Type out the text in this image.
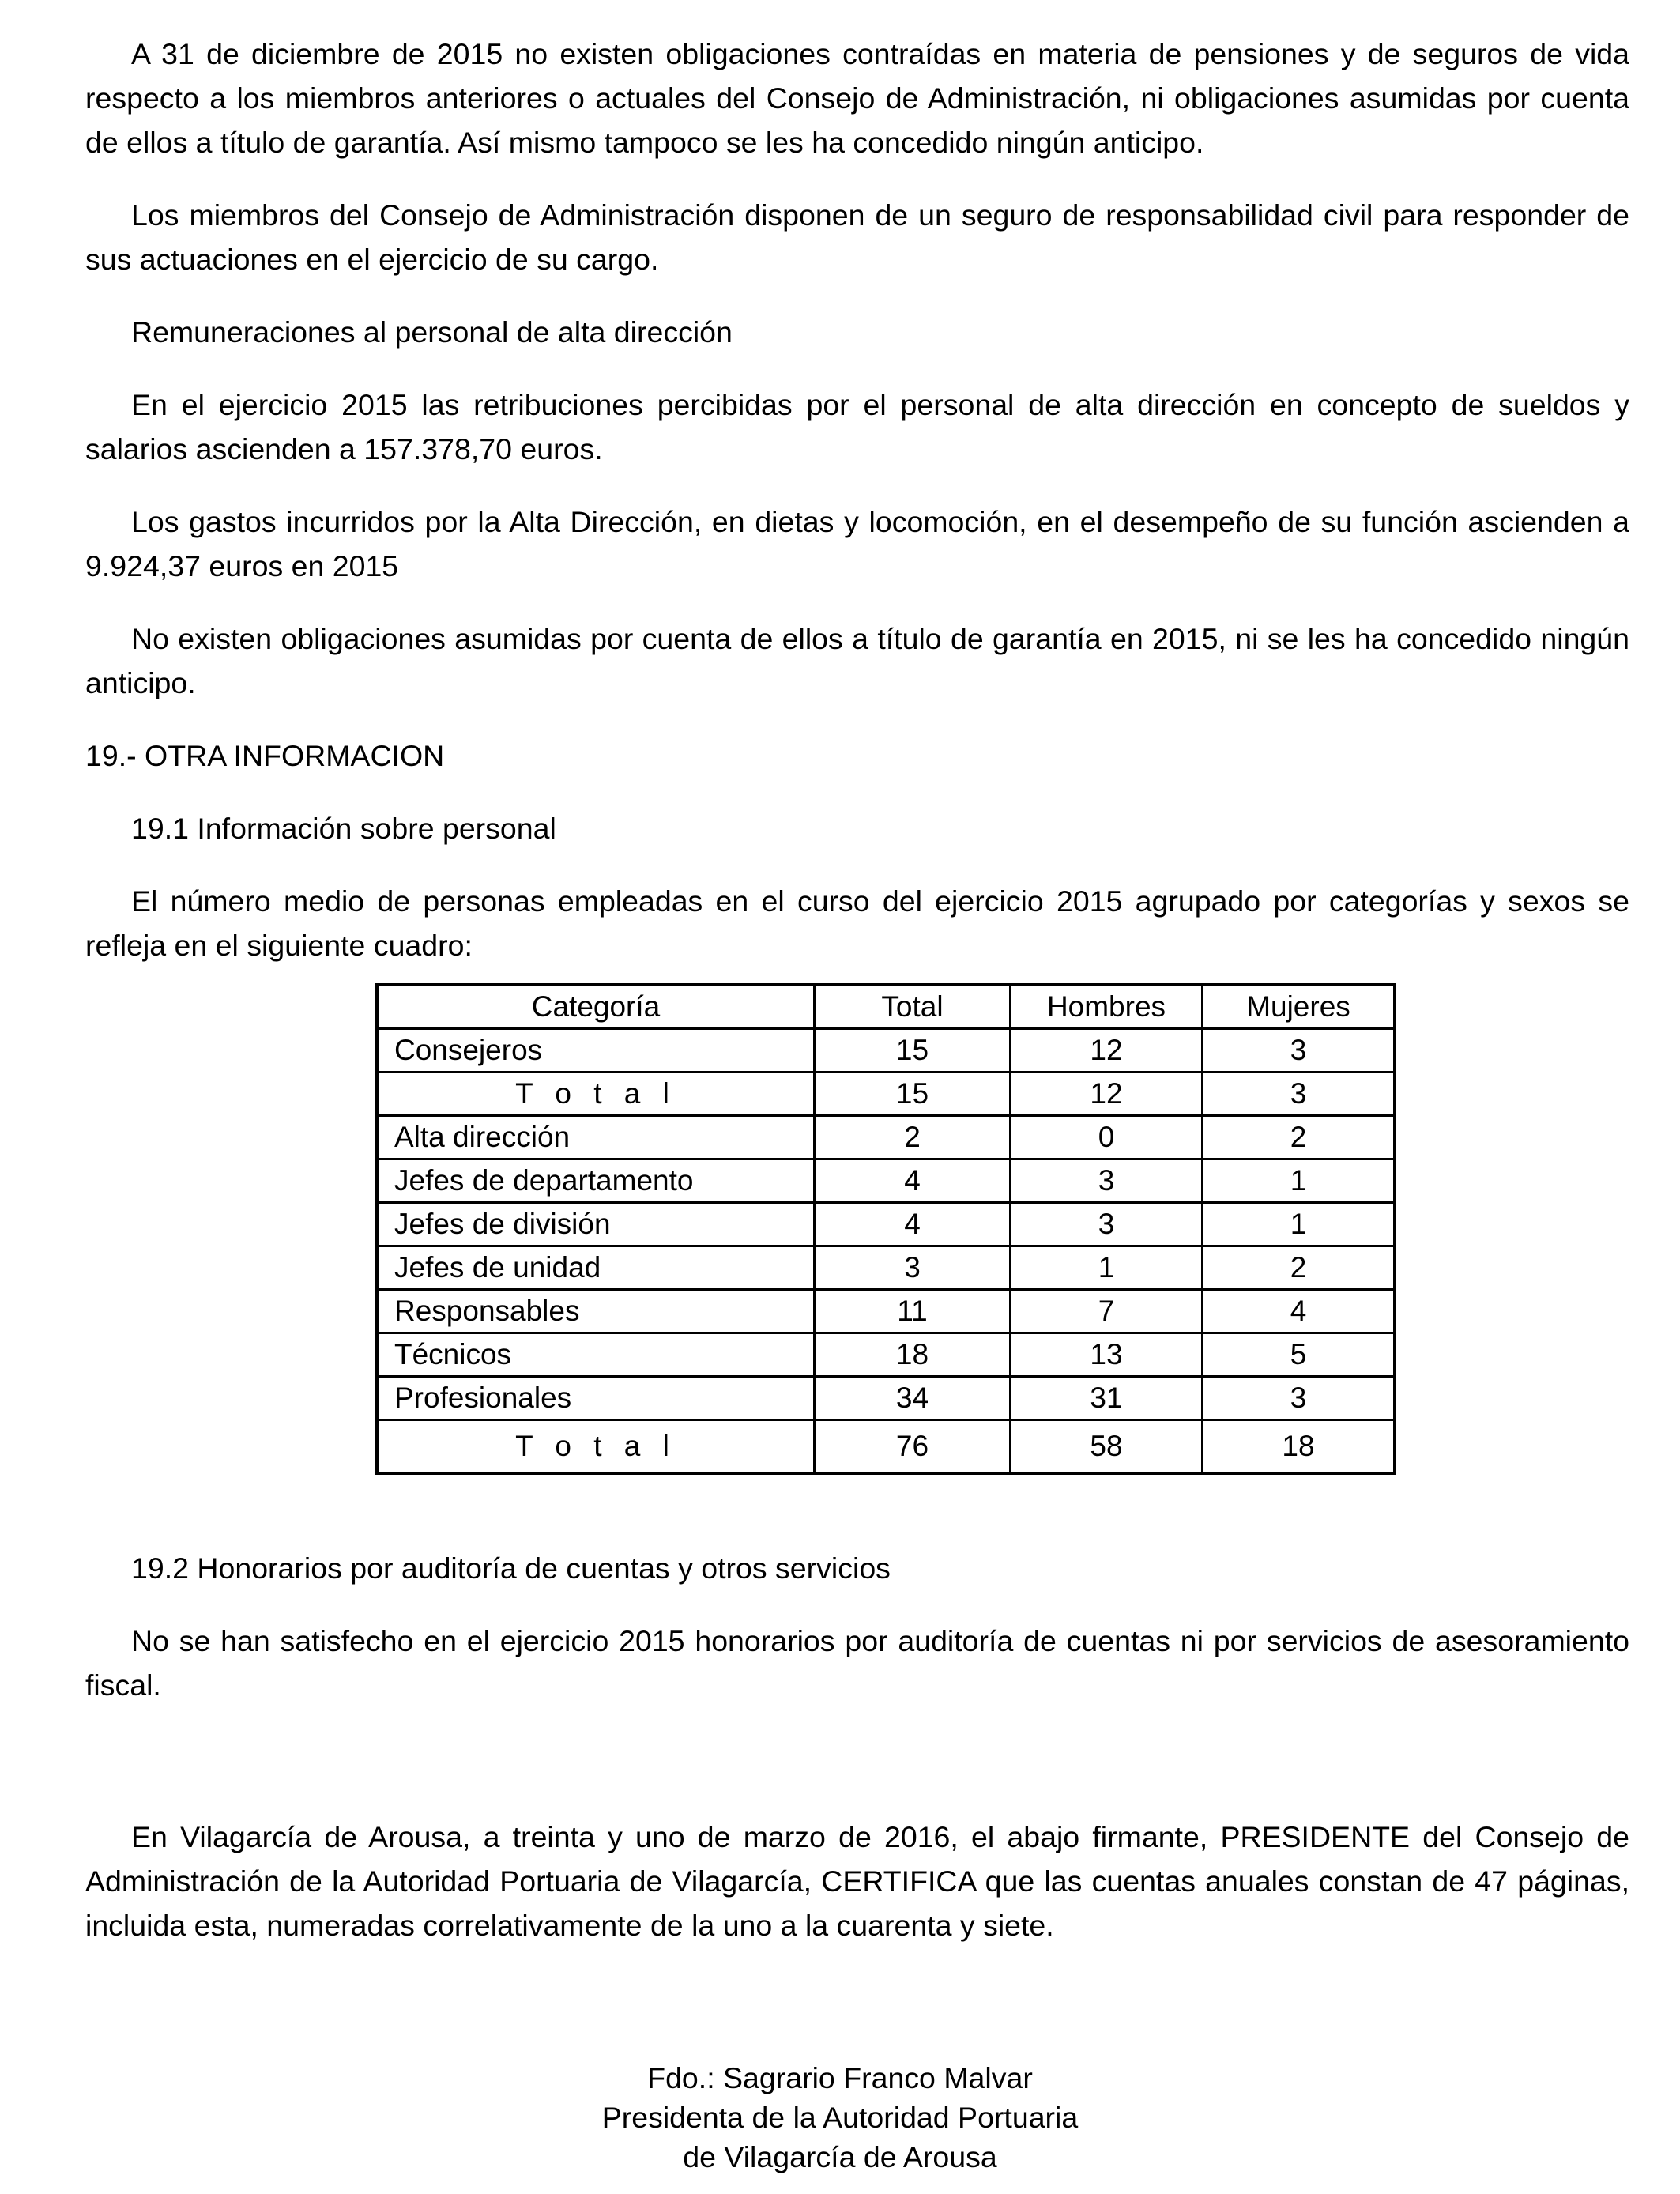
A 31 de diciembre de 2015 no existen obligaciones contraídas en materia de pensiones y de seguros de vida respecto a los miembros anteriores o actuales del Consejo de Administración, ni obligaciones asumidas por cuenta de ellos a título de garantía. Así mismo tampoco se les ha concedido ningún anticipo.

Los miembros del Consejo de Administración disponen de un seguro de responsabilidad civil para responder de sus actuaciones en el ejercicio de su cargo.

Remuneraciones al personal de alta dirección

En el ejercicio 2015 las retribuciones percibidas por el personal de alta dirección en concepto de sueldos y salarios ascienden a 157.378,70 euros.

Los gastos incurridos por la Alta Dirección, en dietas y locomoción, en el desempeño de su función ascienden a 9.924,37 euros en 2015

No existen obligaciones asumidas por cuenta de ellos a título de garantía en 2015, ni se les ha concedido ningún anticipo.

19.- OTRA INFORMACION

19.1 Información sobre personal

El número medio de personas empleadas en el curso del ejercicio 2015 agrupado por categorías y sexos se refleja en el siguiente cuadro:

Categoría	Total	Hombres	Mujeres
Consejeros	15	12	3
T o t a l	15	12	3
Alta dirección	2	0	2
Jefes de departamento	4	3	1
Jefes de división	4	3	1
Jefes de unidad	3	1	2
Responsables	11	7	4
Técnicos	18	13	5
Profesionales	34	31	3
T o t a l	76	58	18

19.2 Honorarios por auditoría de cuentas y otros servicios

No se han satisfecho en el ejercicio 2015 honorarios por auditoría de cuentas ni por servicios de asesoramiento fiscal.

En Vilagarcía de Arousa, a treinta y uno de marzo de 2016, el abajo firmante, PRESIDENTE del Consejo de Administración de la Autoridad Portuaria de Vilagarcía, CERTIFICA que las cuentas anuales constan de 47 páginas, incluida esta, numeradas correlativamente de la uno a la cuarenta y siete.

Fdo.: Sagrario Franco Malvar
Presidenta de la Autoridad Portuaria
de Vilagarcía de Arousa
